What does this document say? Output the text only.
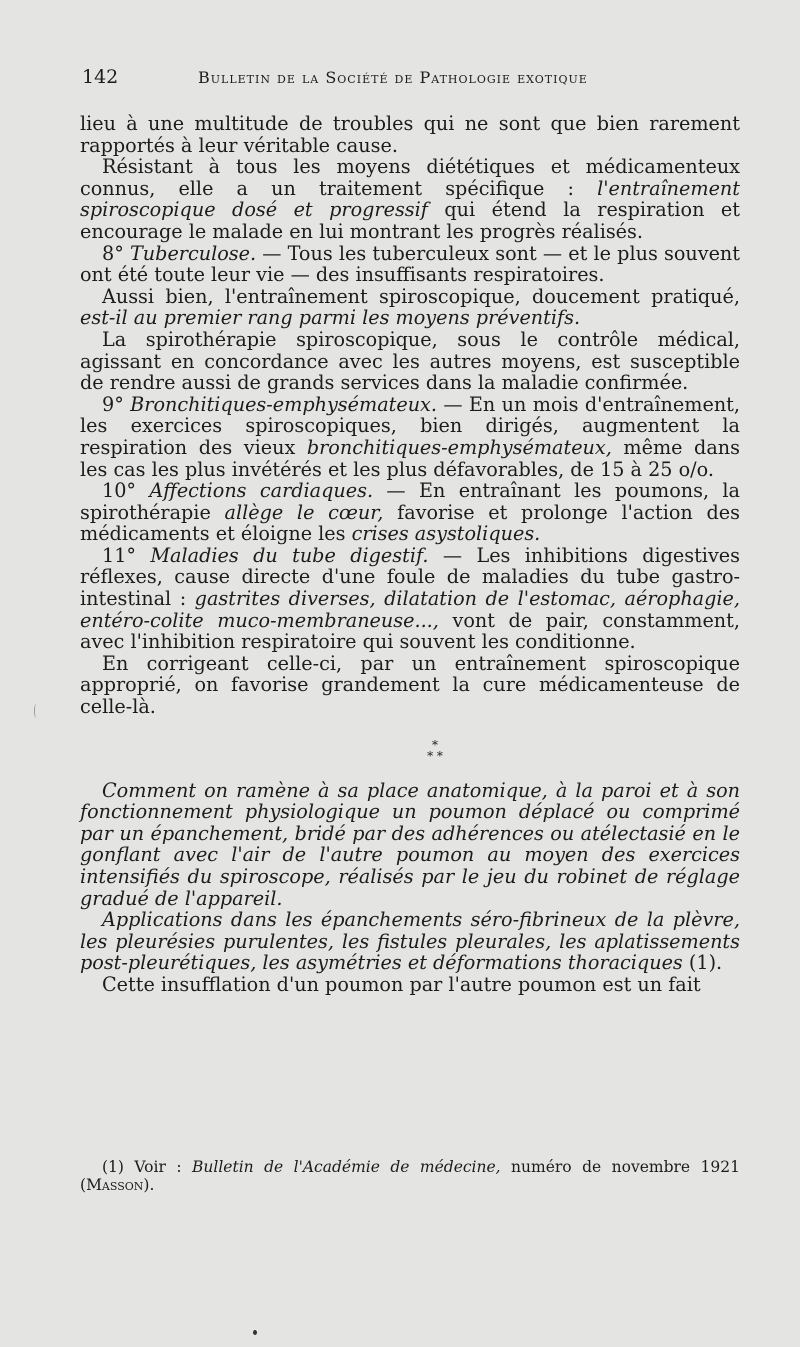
142	Bulletin de la Société de Pathologie exotique

lieu à une multitude de troubles qui ne sont que bien rarement rapportés à leur véritable cause.

Résistant à tous les moyens diététiques et médicamenteux connus, elle a un traitement spécifique : l'entraînement spiroscopique dosé et progressif qui étend la respiration et encourage le malade en lui montrant les progrès réalisés.

8° Tuberculose. — Tous les tuberculeux sont — et le plus souvent ont été toute leur vie — des insuffisants respiratoires.

Aussi bien, l'entraînement spiroscopique, doucement pratiqué, est-il au premier rang parmi les moyens préventifs.

La spirothérapie spiroscopique, sous le contrôle médical, agissant en concordance avec les autres moyens, est susceptible de rendre aussi de grands services dans la maladie confirmée.

9° Bronchitiques-emphysémateux. — En un mois d'entraînement, les exercices spiroscopiques, bien dirigés, augmentent la respiration des vieux bronchitiques-emphysémateux, même dans les cas les plus invétérés et les plus défavorables, de 15 à 25 o/o.

10° Affections cardiaques. — En entraînant les poumons, la spirothérapie allège le cœur, favorise et prolonge l'action des médicaments et éloigne les crises asystoliques.

11° Maladies du tube digestif. — Les inhibitions digestives réflexes, cause directe d'une foule de maladies du tube gastro-intestinal : gastrites diverses, dilatation de l'estomac, aérophagie, entéro-colite muco-membraneuse..., vont de pair, constamment, avec l'inhibition respiratoire qui souvent les conditionne.

En corrigeant celle-ci, par un entraînement spiroscopique approprié, on favorise grandement la cure médicamenteuse de celle-là.

*
* *

Comment on ramène à sa place anatomique, à la paroi et à son fonctionnement physiologique un poumon déplacé ou comprimé par un épanchement, bridé par des adhérences ou atélectasié en le gonflant avec l'air de l'autre poumon au moyen des exercices intensifiés du spiroscope, réalisés par le jeu du robinet de réglage gradué de l'appareil.

Applications dans les épanchements séro-fibrineux de la plèvre, les pleurésies purulentes, les fistules pleurales, les aplatissements post-pleurétiques, les asymétries et déformations thoraciques (1).

Cette insufflation d'un poumon par l'autre poumon est un fait

(1) Voir : Bulletin de l'Académie de médecine, numéro de novembre 1921 (Masson).
